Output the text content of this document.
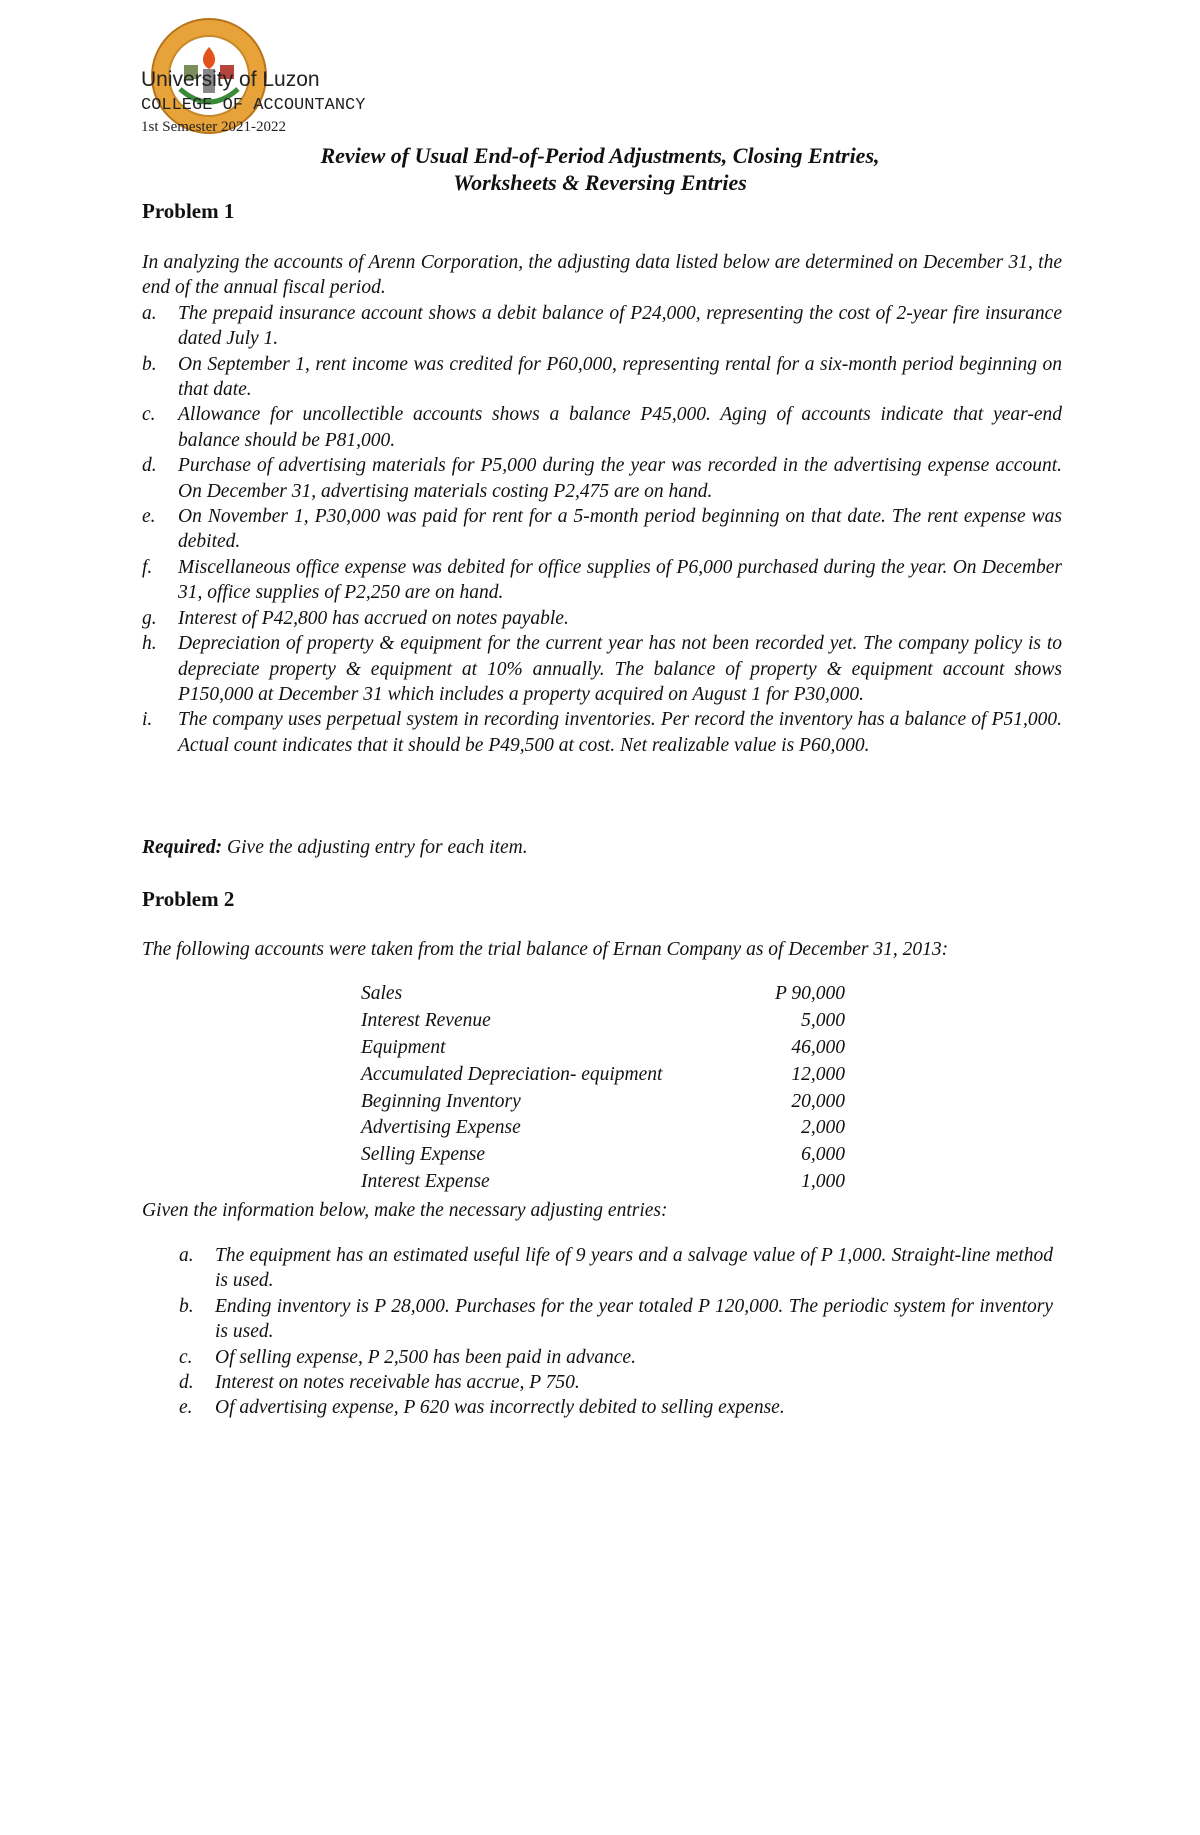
University of Luzon
COLLEGE OF ACCOUNTANCY
1st Semester 2021-2022
Review of Usual End-of-Period Adjustments, Closing Entries,
Worksheets & Reversing Entries
Problem 1
In analyzing the accounts of Arenn Corporation, the adjusting data listed below are determined on December 31, the end of the annual fiscal period.
a. The prepaid insurance account shows a debit balance of P24,000, representing the cost of 2-year fire insurance dated July 1.
b. On September 1, rent income was credited for P60,000, representing rental for a six-month period beginning on that date.
c. Allowance for uncollectible accounts shows a balance P45,000. Aging of accounts indicate that year-end balance should be P81,000.
d. Purchase of advertising materials for P5,000 during the year was recorded in the advertising expense account. On December 31, advertising materials costing P2,475 are on hand.
e. On November 1, P30,000 was paid for rent for a 5-month period beginning on that date. The rent expense was debited.
f. Miscellaneous office expense was debited for office supplies of P6,000 purchased during the year. On December 31, office supplies of P2,250 are on hand.
g. Interest of P42,800 has accrued on notes payable.
h. Depreciation of property & equipment for the current year has not been recorded yet. The company policy is to depreciate property & equipment at 10% annually. The balance of property & equipment account shows P150,000 at December 31 which includes a property acquired on August 1 for P30,000.
i. The company uses perpetual system in recording inventories. Per record the inventory has a balance of P51,000. Actual count indicates that it should be P49,500 at cost. Net realizable value is P60,000.
Required: Give the adjusting entry for each item.
Problem 2
The following accounts were taken from the trial balance of Ernan Company as of December 31, 2013:
Sales	P 90,000
Interest Revenue	5,000
Equipment	46,000
Accumulated Depreciation- equipment	12,000
Beginning Inventory	20,000
Advertising Expense	2,000
Selling Expense	6,000
Interest Expense	1,000
Given the information below, make the necessary adjusting entries:
a. The equipment has an estimated useful life of 9 years and a salvage value of P 1,000. Straight-line method is used.
b. Ending inventory is P 28,000. Purchases for the year totaled P 120,000. The periodic system for inventory is used.
c. Of selling expense, P 2,500 has been paid in advance.
d. Interest on notes receivable has accrue, P 750.
e. Of advertising expense, P 620 was incorrectly debited to selling expense.
